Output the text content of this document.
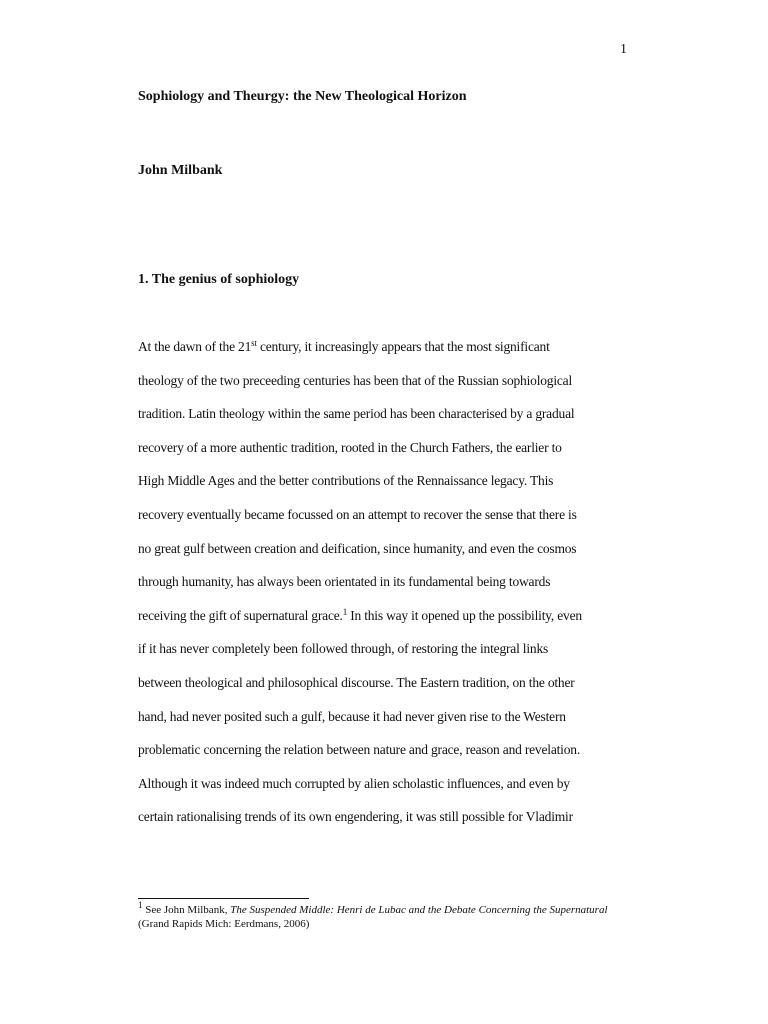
1
Sophiology and Theurgy: the New Theological Horizon
John Milbank
1. The genius of sophiology
At the dawn of the 21st century, it increasingly appears that the most significant
theology of the two preceeding centuries has been that of the Russian sophiological
tradition. Latin theology within the same period has been characterised by a gradual
recovery of a more authentic tradition, rooted in the Church Fathers, the earlier to
High Middle Ages and the better contributions of the Rennaissance legacy. This
recovery eventually became focussed on an attempt to recover the sense that there is
no great gulf between creation and deification, since humanity, and even the cosmos
through humanity, has always been orientated in its fundamental being towards
receiving the gift of supernatural grace.$^1$ In this way it opened up the possibility, even
if it has never completely been followed through, of restoring the integral links
between theological and philosophical discourse. The Eastern tradition, on the other
hand, had never posited such a gulf, because it had never given rise to the Western
problematic concerning the relation between nature and grace, reason and revelation.
Although it was indeed much corrupted by alien scholastic influences, and even by
certain rationalising trends of its own engendering, it was still possible for Vladimir

$^1$ See John Milbank, The Suspended Middle: Henri de Lubac and the Debate Concerning the Supernatural (Grand Rapids Mich: Eerdmans, 2006)
